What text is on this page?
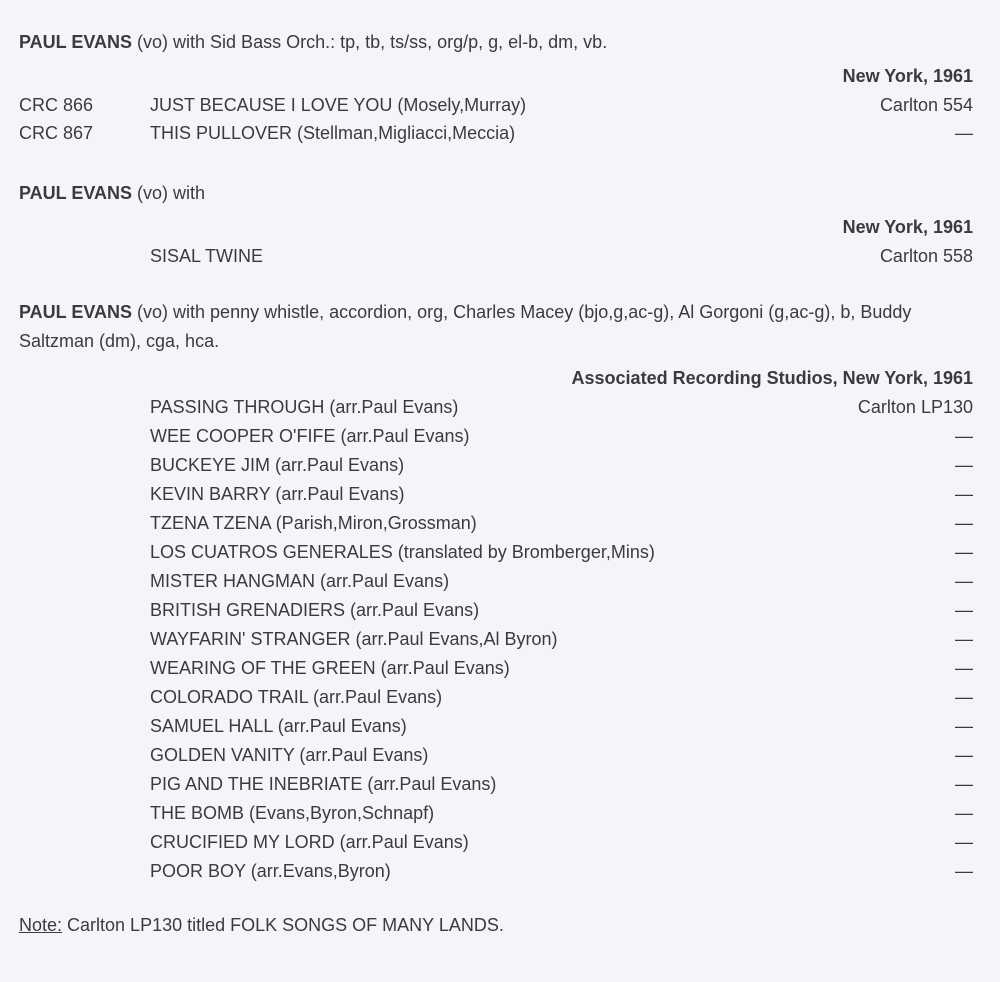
PAUL EVANS (vo) with Sid Bass Orch.: tp, tb, ts/ss, org/p, g, el-b, dm, vb.
New York, 1961
CRC 866	JUST BECAUSE I LOVE YOU (Mosely,Murray)	Carlton 554
CRC 867	THIS PULLOVER (Stellman,Migliacci,Meccia)	—
PAUL EVANS (vo) with
New York, 1961
SISAL TWINE	Carlton 558
PAUL EVANS (vo) with penny whistle, accordion, org, Charles Macey (bjo,g,ac-g), Al Gorgoni (g,ac-g), b, Buddy Saltzman (dm), cga, hca.
Associated Recording Studios, New York, 1961
PASSING THROUGH (arr.Paul Evans)	Carlton LP130
WEE COOPER O'FIFE (arr.Paul Evans)	—
BUCKEYE JIM (arr.Paul Evans)	—
KEVIN BARRY (arr.Paul Evans)	—
TZENA TZENA (Parish,Miron,Grossman)	—
LOS CUATROS GENERALES (translated by Bromberger,Mins)	—
MISTER HANGMAN (arr.Paul Evans)	—
BRITISH GRENADIERS (arr.Paul Evans)	—
WAYFARIN' STRANGER (arr.Paul Evans,Al Byron)	—
WEARING OF THE GREEN (arr.Paul Evans)	—
COLORADO TRAIL (arr.Paul Evans)	—
SAMUEL HALL (arr.Paul Evans)	—
GOLDEN VANITY (arr.Paul Evans)	—
PIG AND THE INEBRIATE (arr.Paul Evans)	—
THE BOMB (Evans,Byron,Schnapf)	—
CRUCIFIED MY LORD (arr.Paul Evans)	—
POOR BOY (arr.Evans,Byron)	—
Note: Carlton LP130 titled FOLK SONGS OF MANY LANDS.
